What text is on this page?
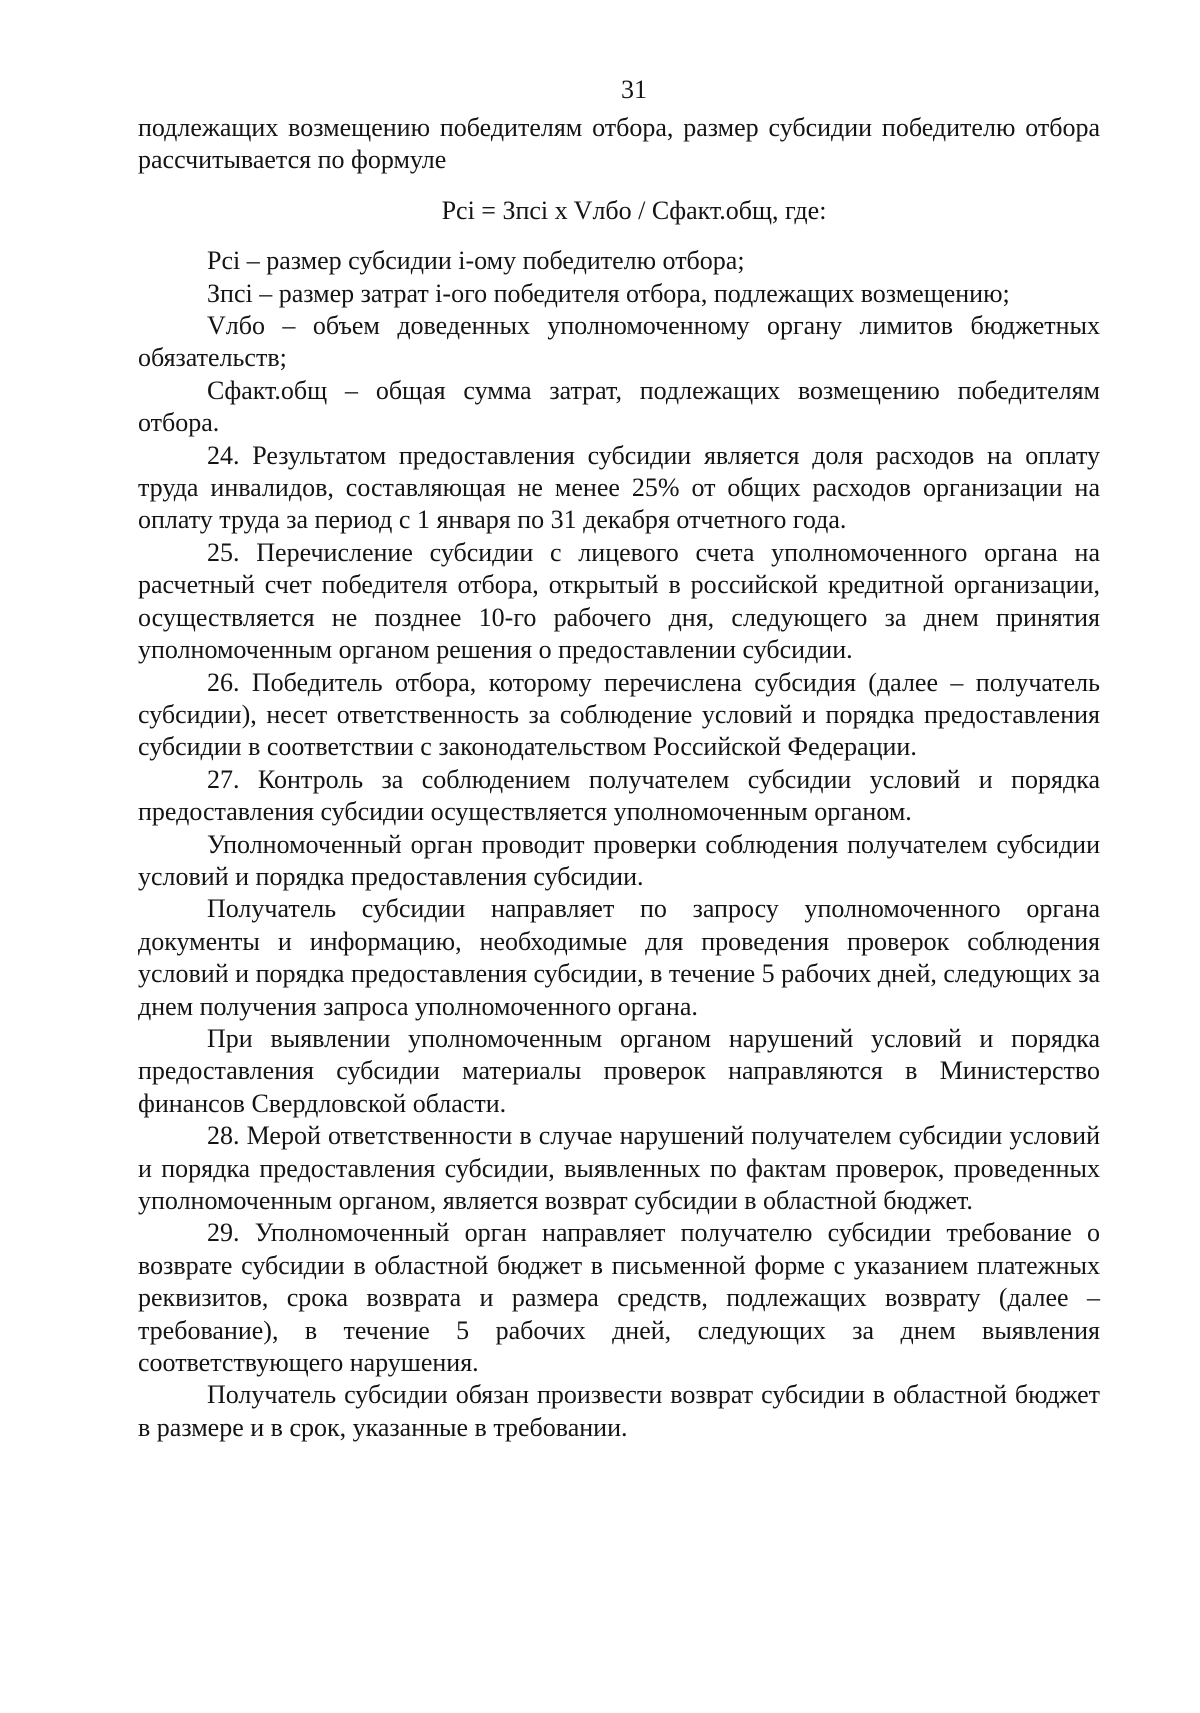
31

подлежащих возмещению победителям отбора, размер субсидии победителю отбора рассчитывается по формуле

Pci = Зпсi x Vлбо / Сфакт.общ, где:

Pci – размер субсидии i-ому победителю отбора;

Зпсi – размер затрат i-ого победителя отбора, подлежащих возмещению;

Vлбо – объем доведенных уполномоченному органу лимитов бюджетных обязательств;

Сфакт.общ – общая сумма затрат, подлежащих возмещению победителям отбора.

24. Результатом предоставления субсидии является доля расходов на оплату труда инвалидов, составляющая не менее 25% от общих расходов организации на оплату труда за период с 1 января по 31 декабря отчетного года.

25. Перечисление субсидии с лицевого счета уполномоченного органа на расчетный счет победителя отбора, открытый в российской кредитной организации, осуществляется не позднее 10-го рабочего дня, следующего за днем принятия уполномоченным органом решения о предоставлении субсидии.

26. Победитель отбора, которому перечислена субсидия (далее – получатель субсидии), несет ответственность за соблюдение условий и порядка предоставления субсидии в соответствии с законодательством Российской Федерации.

27. Контроль за соблюдением получателем субсидии условий и порядка предоставления субсидии осуществляется уполномоченным органом.

Уполномоченный орган проводит проверки соблюдения получателем субсидии условий и порядка предоставления субсидии.

Получатель субсидии направляет по запросу уполномоченного органа документы и информацию, необходимые для проведения проверок соблюдения условий и порядка предоставления субсидии, в течение 5 рабочих дней, следующих за днем получения запроса уполномоченного органа.

При выявлении уполномоченным органом нарушений условий и порядка предоставления субсидии материалы проверок направляются в Министерство финансов Свердловской области.

28. Мерой ответственности в случае нарушений получателем субсидии условий и порядка предоставления субсидии, выявленных по фактам проверок, проведенных уполномоченным органом, является возврат субсидии в областной бюджет.

29. Уполномоченный орган направляет получателю субсидии требование о возврате субсидии в областной бюджет в письменной форме с указанием платежных реквизитов, срока возврата и размера средств, подлежащих возврату (далее – требование), в течение 5 рабочих дней, следующих за днем выявления соответствующего нарушения.

Получатель субсидии обязан произвести возврат субсидии в областной бюджет в размере и в срок, указанные в требовании.
